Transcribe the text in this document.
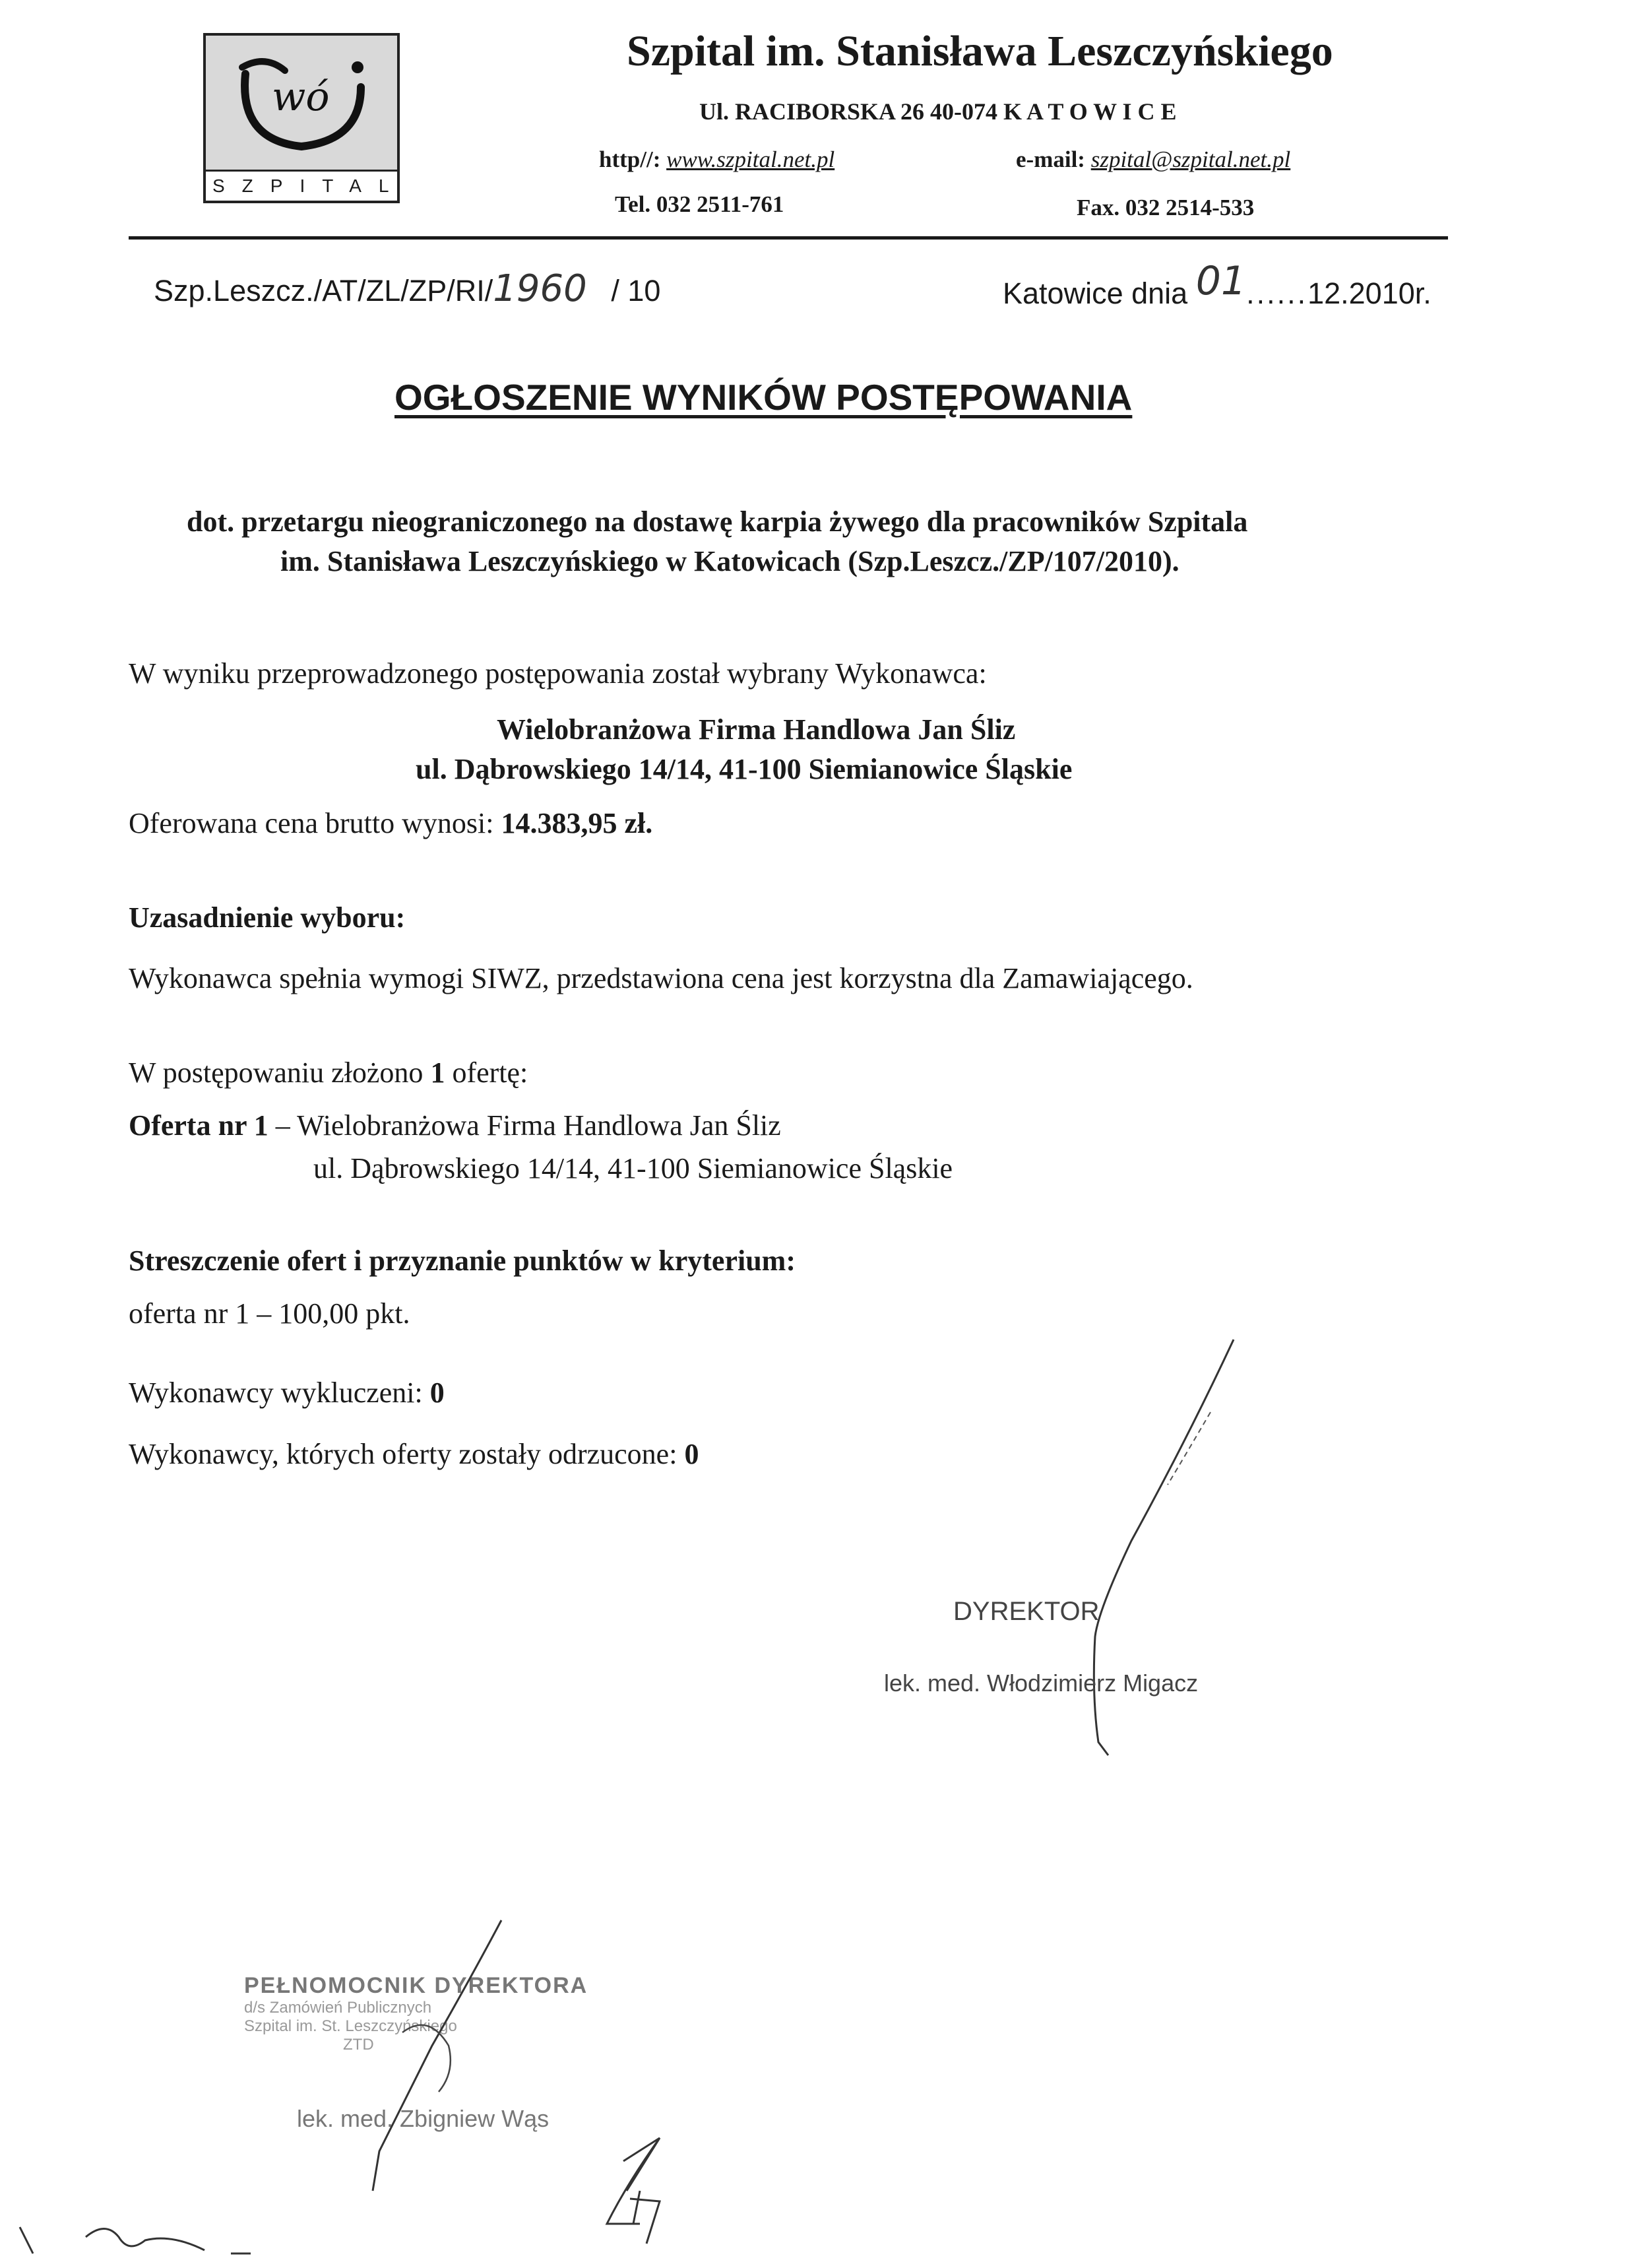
wó
SZPITAL
Szpital im. Stanisława Leszczyńskiego
Ul. RACIBORSKA 26 40-074 K A T O W I C E
http//: www.szpital.net.pl	e-mail: szpital@szpital.net.pl
Tel. 032 2511-761	Fax. 032 2514-533
Szp.Leszcz./AT/ZL/ZP/RI/1960 / 10	Katowice dnia 01......12.2010r.
OGŁOSZENIE WYNIKÓW POSTĘPOWANIA
dot. przetargu nieograniczonego na dostawę karpia żywego dla pracowników Szpitala
im. Stanisława Leszczyńskiego w Katowicach (Szp.Leszcz./ZP/107/2010).
W wyniku przeprowadzonego postępowania został wybrany Wykonawca:
Wielobranżowa Firma Handlowa Jan Śliz
ul. Dąbrowskiego 14/14, 41-100 Siemianowice Śląskie
Oferowana cena brutto wynosi: 14.383,95 zł.
Uzasadnienie wyboru:
Wykonawca spełnia wymogi SIWZ, przedstawiona cena jest korzystna dla Zamawiającego.
W postępowaniu złożono 1 ofertę:
Oferta nr 1 – Wielobranżowa Firma Handlowa Jan Śliz
ul. Dąbrowskiego 14/14, 41-100 Siemianowice Śląskie
Streszczenie ofert i przyznanie punktów w kryterium:
oferta nr 1 – 100,00 pkt.
Wykonawcy wykluczeni: 0
Wykonawcy, których oferty zostały odrzucone: 0
DYREKTOR
lek. med. Włodzimierz Migacz
PEŁNOMOCNIK DYREKTORA
d/s Zamówień Publicznych
Szpital im. St. Leszczyńskiego
ZTD
lek. med. Zbigniew Wąs
